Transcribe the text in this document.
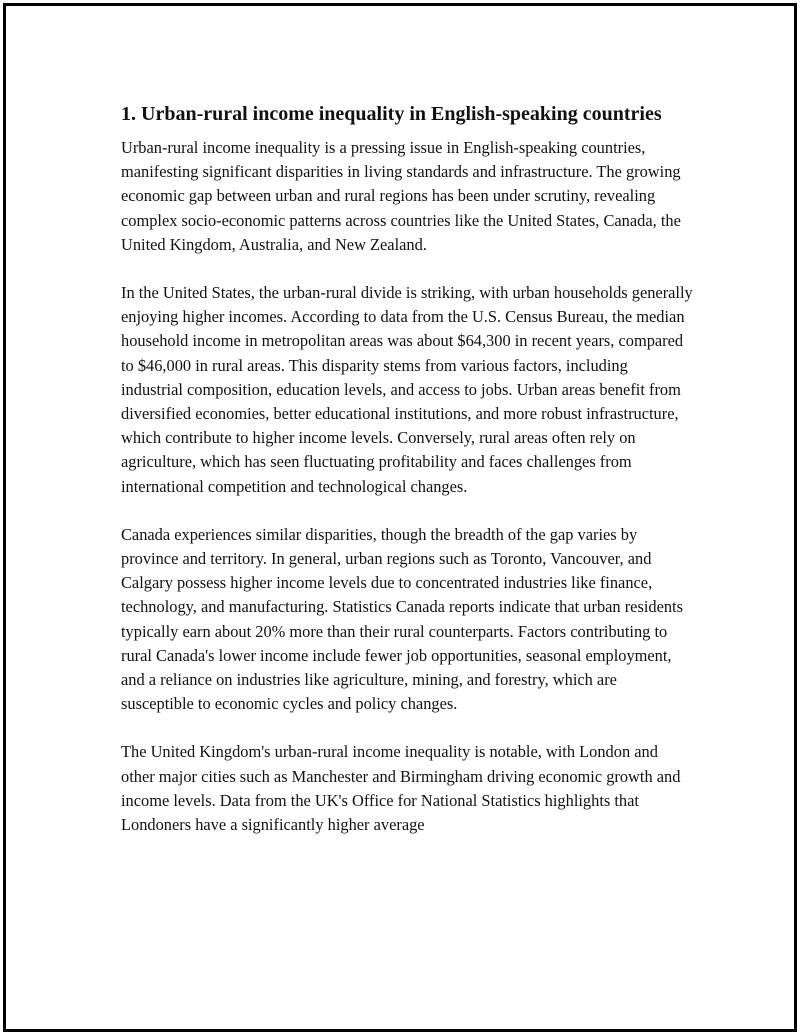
1. Urban-rural income inequality in English-speaking countries

Urban-rural income inequality is a pressing issue in English-speaking countries, manifesting significant disparities in living standards and infrastructure. The growing economic gap between urban and rural regions has been under scrutiny, revealing complex socio-economic patterns across countries like the United States, Canada, the United Kingdom, Australia, and New Zealand.

In the United States, the urban-rural divide is striking, with urban households generally enjoying higher incomes. According to data from the U.S. Census Bureau, the median household income in metropolitan areas was about $64,300 in recent years, compared to $46,000 in rural areas. This disparity stems from various factors, including industrial composition, education levels, and access to jobs. Urban areas benefit from diversified economies, better educational institutions, and more robust infrastructure, which contribute to higher income levels. Conversely, rural areas often rely on agriculture, which has seen fluctuating profitability and faces challenges from international competition and technological changes.

Canada experiences similar disparities, though the breadth of the gap varies by province and territory. In general, urban regions such as Toronto, Vancouver, and Calgary possess higher income levels due to concentrated industries like finance, technology, and manufacturing. Statistics Canada reports indicate that urban residents typically earn about 20% more than their rural counterparts. Factors contributing to rural Canada's lower income include fewer job opportunities, seasonal employment, and a reliance on industries like agriculture, mining, and forestry, which are susceptible to economic cycles and policy changes.

The United Kingdom's urban-rural income inequality is notable, with London and other major cities such as Manchester and Birmingham driving economic growth and income levels. Data from the UK's Office for National Statistics highlights that Londoners have a significantly higher average
